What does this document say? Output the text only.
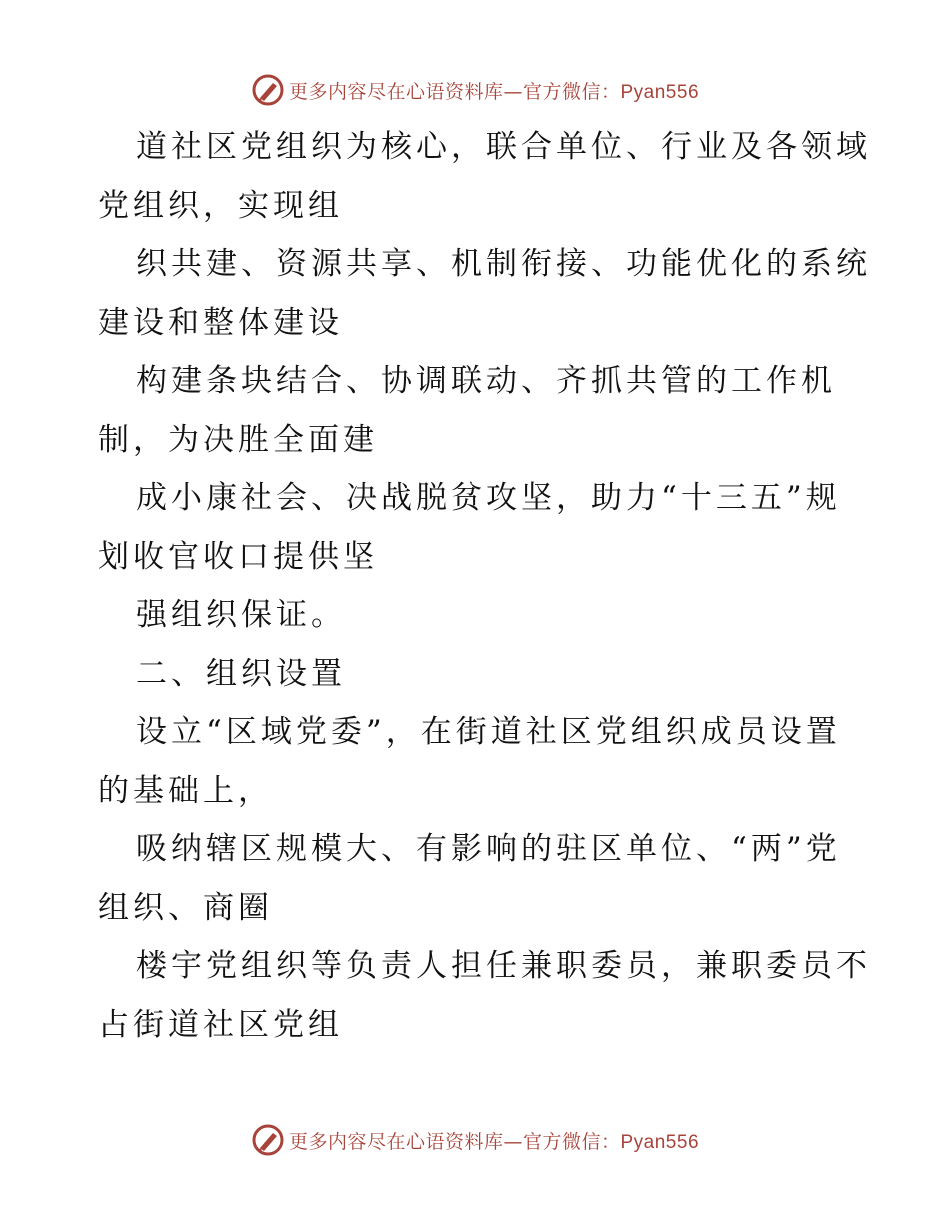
更多内容尽在心语资料库—官方微信：Pyan556
道社区党组织为核心，联合单位、行业及各领域
党组织，实现组
织共建、资源共享、机制衔接、功能优化的系统
建设和整体建设
构建条块结合、协调联动、齐抓共管的工作机
制，为决胜全面建
成小康社会、决战脱贫攻坚，助力“十三五”规
划收官收口提供坚
强组织保证。
二、组织设置
设立“区域党委”，在街道社区党组织成员设置
的基础上，
吸纳辖区规模大、有影响的驻区单位、“两”党
组织、商圈
楼宇党组织等负责人担任兼职委员，兼职委员不
占街道社区党组
更多内容尽在心语资料库—官方微信：Pyan556
